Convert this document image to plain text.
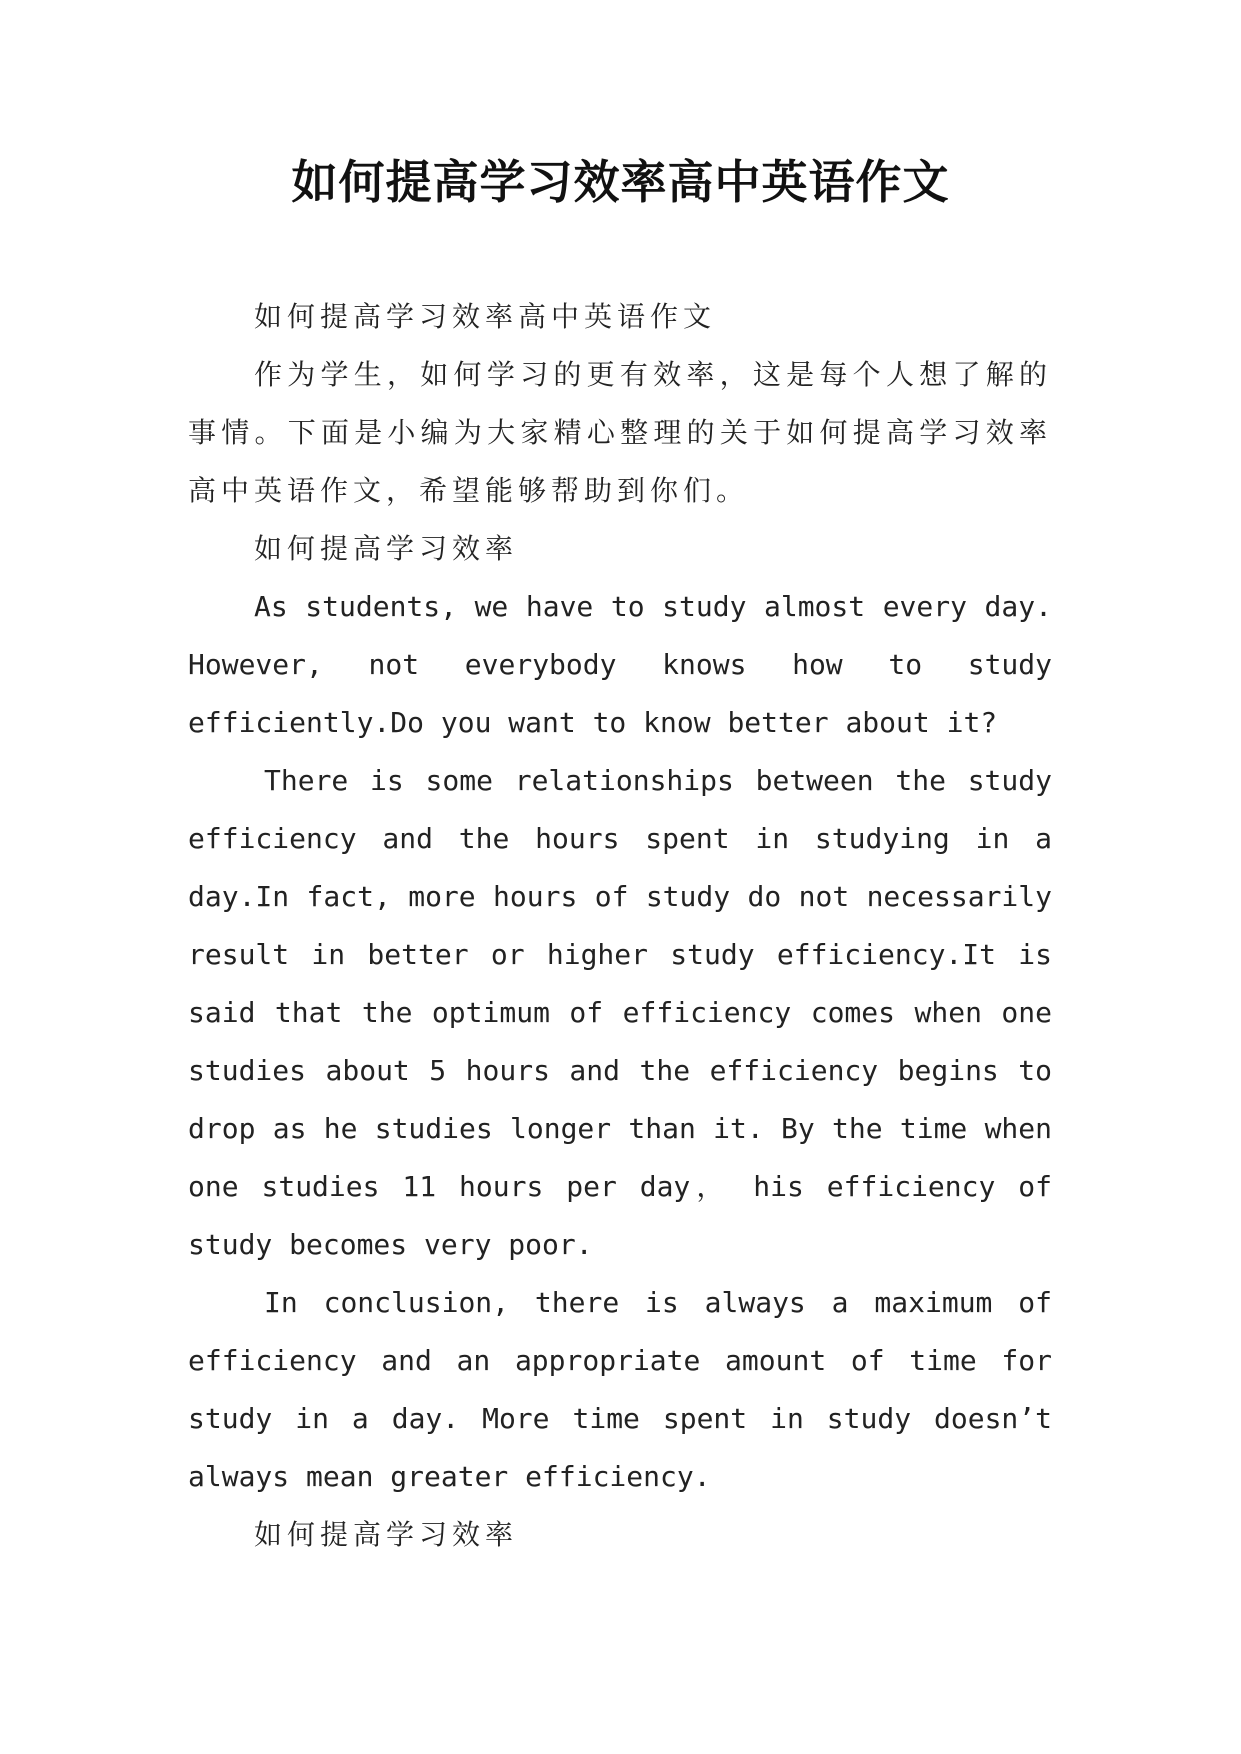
如何提高学习效率高中英语作文

如何提高学习效率高中英语作文

作为学生，如何学习的更有效率，这是每个人想了解的事情。下面是小编为大家精心整理的关于如何提高学习效率高中英语作文，希望能够帮助到你们。

如何提高学习效率

As students, we have to study almost every day. However, not everybody knows how to study efficiently.Do you want to know better about it?

There is some relationships between the study efficiency and the hours spent in studying in a day.In fact, more hours of study do not necessarily result in better or higher study efficiency.It is said that the optimum of efficiency comes when one studies about 5 hours and the efficiency begins to drop as he studies longer than it. By the time when one studies 11 hours per day， his efficiency of study becomes very poor.

In conclusion, there is always a maximum of efficiency and an appropriate amount of time for study in a day. More time spent in study doesn’t always mean greater efficiency.

如何提高学习效率
